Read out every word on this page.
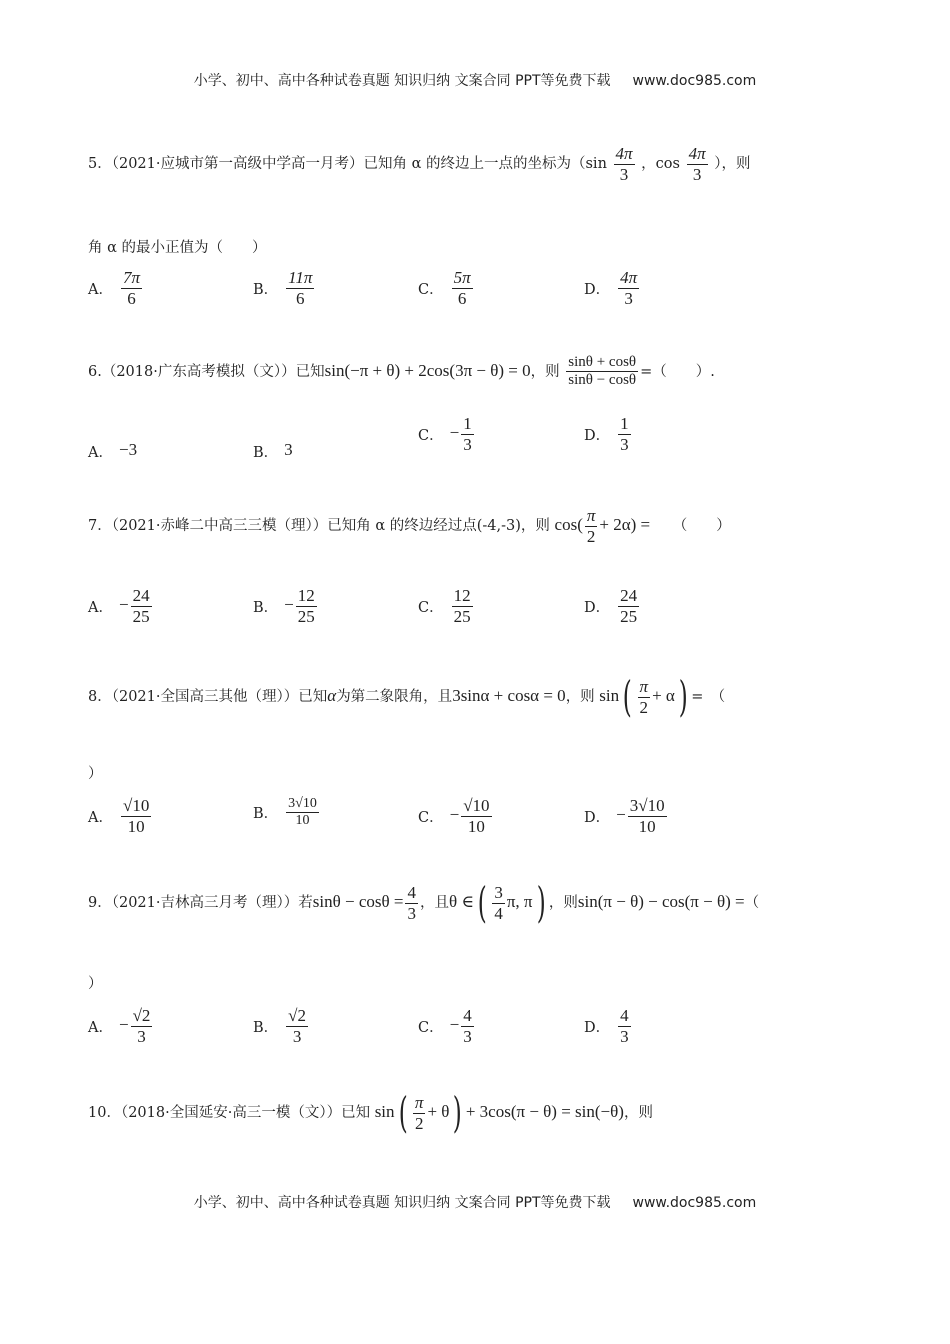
小学、初中、高中各种试卷真题 知识归纳 文案合同 PPT等免费下载 www.doc985.com
5．（2021·应城市第一高级中学高一月考）已知角 α 的终边上一点的坐标为（$\sin \frac{4\pi}{3}$ ，$\cos \frac{4\pi}{3}$ ），则
角 α 的最小正值为（　　）
A． $\frac{7\pi}{6}$	B． $\frac{11\pi}{6}$	C． $\frac{5\pi}{6}$	D． $\frac{4\pi}{3}$
6.（2018·广东高考模拟（文））已知sin(−π + θ) + 2cos(3π − θ) = 0，则 $\frac{\sin\theta + \cos\theta}{\sin\theta - \cos\theta}$ =（　　）.
A． −3	B． 3
C． − $\frac{1}{3}$	D． $\frac{1}{3}$
7．（2021·赤峰二中高三三模（理））已知角 α 的终边经过点(-4,-3)，则 $\cos( \frac{\pi}{2} + 2\alpha)$ = （　　）
A． − $\frac{24}{25}$	B． − $\frac{12}{25}$	C． $\frac{12}{25}$	D． $\frac{24}{25}$
8．（2021·全国高三其他（理））已知α为第二象限角，且3sinα + cosα = 0，则 $\sin( \frac{\pi}{2} + \alpha)$ =　（
）
A． $\frac{√10}{10}$	B． $\frac{3√10}{10}$	C． − $\frac{√10}{10}$	D． − $\frac{3√10}{10}$
9．（2021·吉林高三月考（理））若$\sin\theta - \cos\theta = \frac{4}{3}$ ，且θ ∈( $\frac{3}{4} \pi$, π) ，则sin(π − θ) − cos(π − θ) =（
）
A． − $\frac{√2}{3}$	B． $\frac{√2}{3}$	C． − $\frac{4}{3}$	D． $\frac{4}{3}$
10．（2018·全国延安·高三一模（文））已知 $\sin( \frac{\pi}{2} + \theta) + 3\cos(\pi - \theta) = \sin(-\theta)$，则
小学、初中、高中各种试卷真题 知识归纳 文案合同 PPT等免费下载 www.doc985.com
